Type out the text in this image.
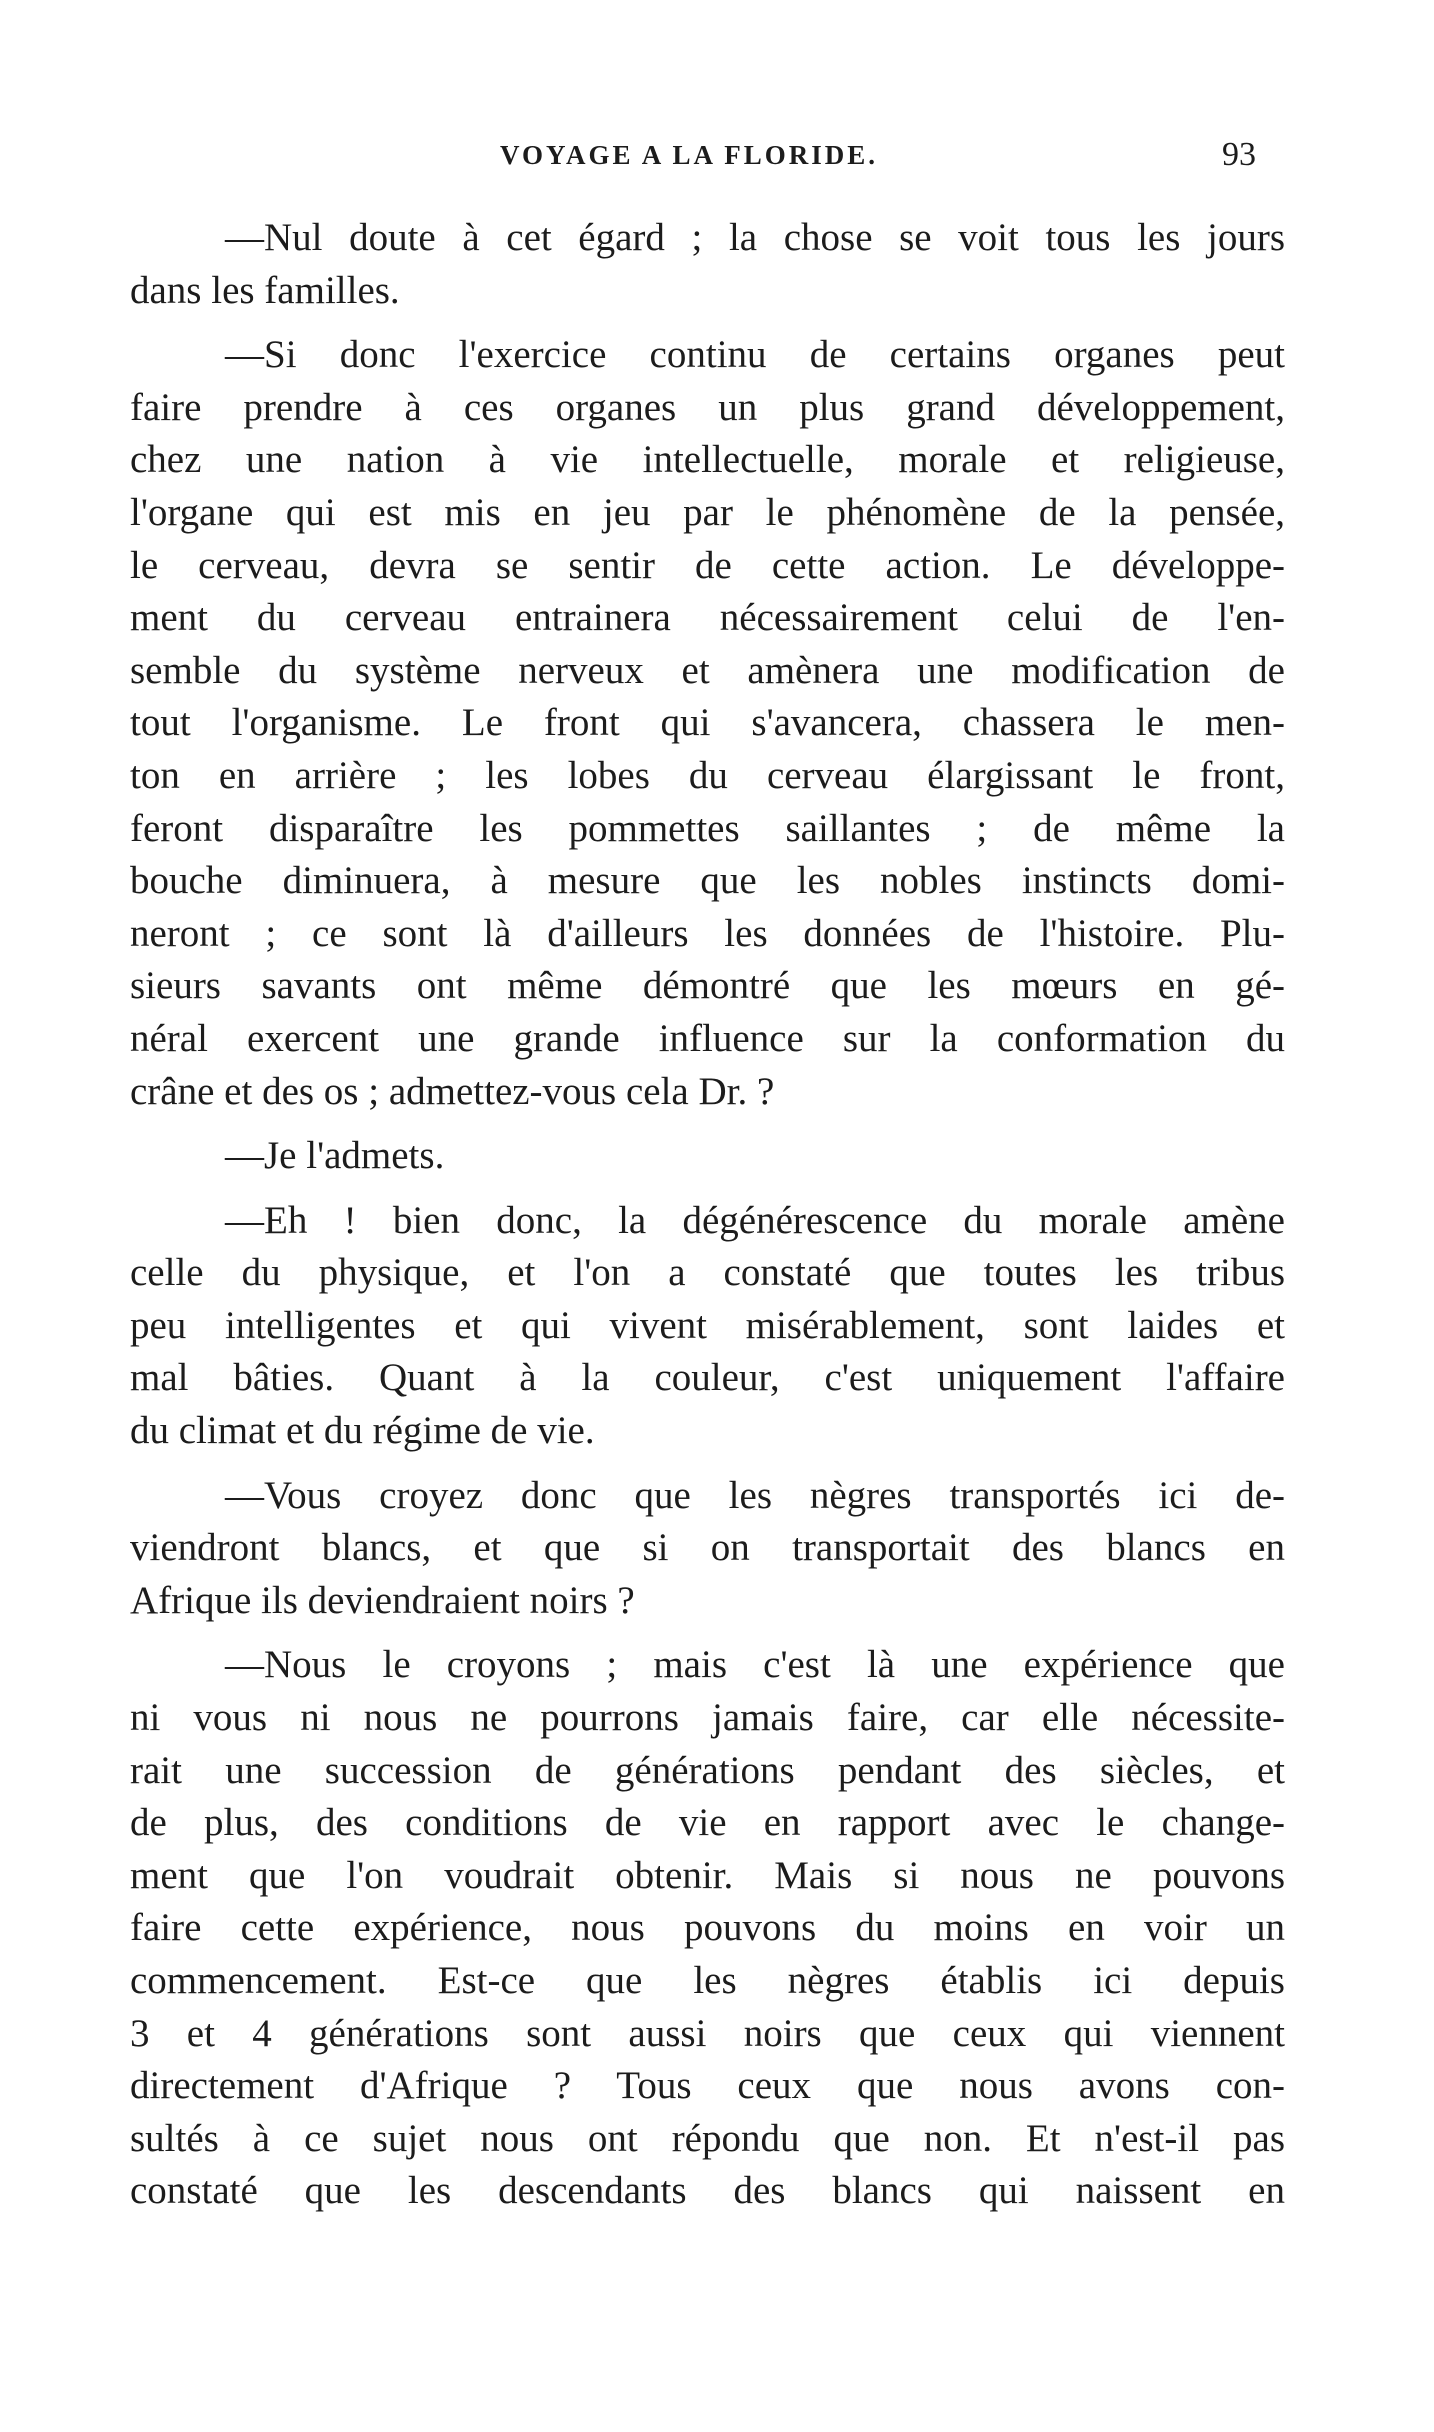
VOYAGE A LA FLORIDE.	93
—Nul doute à cet égard ; la chose se voit tous les jours
dans les familles.
—Si donc l'exercice continu de certains organes peut
faire prendre à ces organes un plus grand développement,
chez une nation à vie intellectuelle, morale et religieuse,
l'organe qui est mis en jeu par le phénomène de la pensée,
le cerveau, devra se sentir de cette action. Le développe-
ment du cerveau entrainera nécessairement celui de l'en-
semble du système nerveux et amènera une modification de
tout l'organisme. Le front qui s'avancera, chassera le men-
ton en arrière ; les lobes du cerveau élargissant le front,
feront disparaître les pommettes saillantes ; de même la
bouche diminuera, à mesure que les nobles instincts domi-
neront ; ce sont là d'ailleurs les données de l'histoire. Plu-
sieurs savants ont même démontré que les mœurs en gé-
néral exercent une grande influence sur la conformation du
crâne et des os ; admettez-vous cela Dr. ?
—Je l'admets.
—Eh ! bien donc, la dégénérescence du morale amène
celle du physique, et l'on a constaté que toutes les tribus
peu intelligentes et qui vivent misérablement, sont laides et
mal bâties. Quant à la couleur, c'est uniquement l'affaire
du climat et du régime de vie.
—Vous croyez donc que les nègres transportés ici de-
viendront blancs, et que si on transportait des blancs en
Afrique ils deviendraient noirs ?
—Nous le croyons ; mais c'est là une expérience que
ni vous ni nous ne pourrons jamais faire, car elle nécessite-
rait une succession de générations pendant des siècles, et
de plus, des conditions de vie en rapport avec le change-
ment que l'on voudrait obtenir. Mais si nous ne pouvons
faire cette expérience, nous pouvons du moins en voir un
commencement. Est-ce que les nègres établis ici depuis
3 et 4 générations sont aussi noirs que ceux qui viennent
directement d'Afrique ? Tous ceux que nous avons con-
sultés à ce sujet nous ont répondu que non. Et n'est-il pas
constaté que les descendants des blancs qui naissent en
